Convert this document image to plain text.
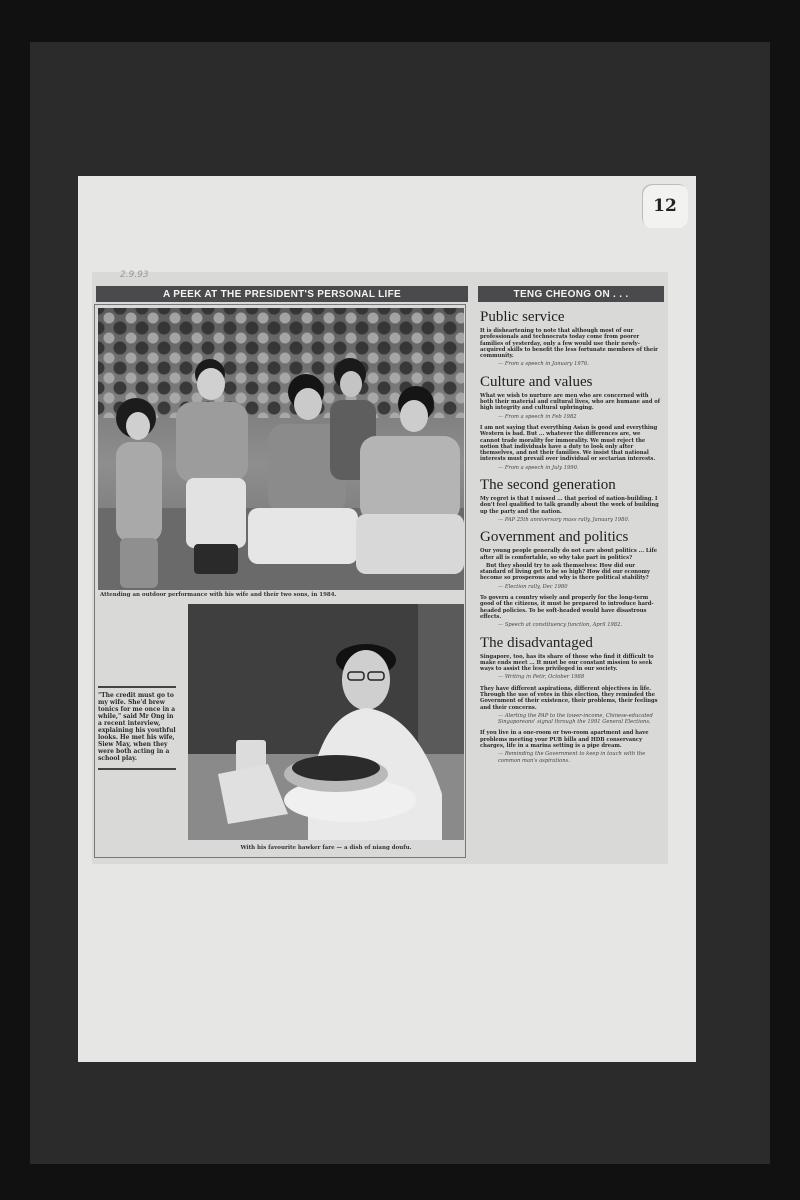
12
2.9.93
A PEEK AT THE PRESIDENT'S PERSONAL LIFE	TENG CHEONG ON . . .
Attending an outdoor performance with his wife and their two sons, in 1984.
With his favourite hawker fare — a dish of niang doufu.
"The credit must go to my wife. She'd brew tonics for me once in a while," said Mr Ong in a recent interview, explaining his youthful looks. He met his wife, Siew May, when they were both acting in a school play.
Public service

It is disheartening to note that although most of our professionals and technocrats today come from poorer families of yesterday, only a few would use their newly-acquired skills to benefit the less fortunate members of their community.

— From a speech in January 1976.
Culture and values

What we wish to nurture are men who are concerned with both their material and cultural lives, who are humane and of high integrity and cultural upbringing.

— From a speech in Feb 1982

I am not saying that everything Asian is good and everything Western is bad. But ... whatever the differences are, we cannot trade morality for immorality. We must reject the notion that individuals have a duty to look only after themselves, and not their families. We insist that national interests must prevail over individual or sectarian interests.

— From a speech in July 1990.
The second generation

My regret is that I missed ... that period of nation-building. I don't feel qualified to talk grandly about the work of building up the party and the nation.

— PAP 25th anniversary mass rally, January 1980.
Government and politics

Our young people generally do not care about politics ... Life after all is comfortable, so why take part in politics?

But they should try to ask themselves: How did our standard of living get to be so high? How did our economy become so prosperous and why is there political stability?

— Election rally, Dec 1980

To govern a country wisely and properly for the long-term good of the citizens, it must be prepared to introduce hard-headed policies. To be soft-headed would have disastrous effects.

— Speech at constituency function, April 1982.
The disadvantaged

Singapore, too, has its share of those who find it difficult to make ends meet ... It must be our constant mission to seek ways to assist the less privileged in our society.

— Writing in Petir, October 1988

They have different aspirations, different objectives in life. Through the use of votes in this election, they reminded the Government of their existence, their problems, their feelings and their concerns.

— Alerting the PAP to the lower-income, Chinese-educated Singaporeans' signal through the 1991 General Elections.

If you live in a one-room or two-room apartment and have problems meeting your PUB bills and HDB conservancy charges, life in a marina setting is a pipe dream.

— Reminding the Government to keep in touch with the common man's aspirations.
